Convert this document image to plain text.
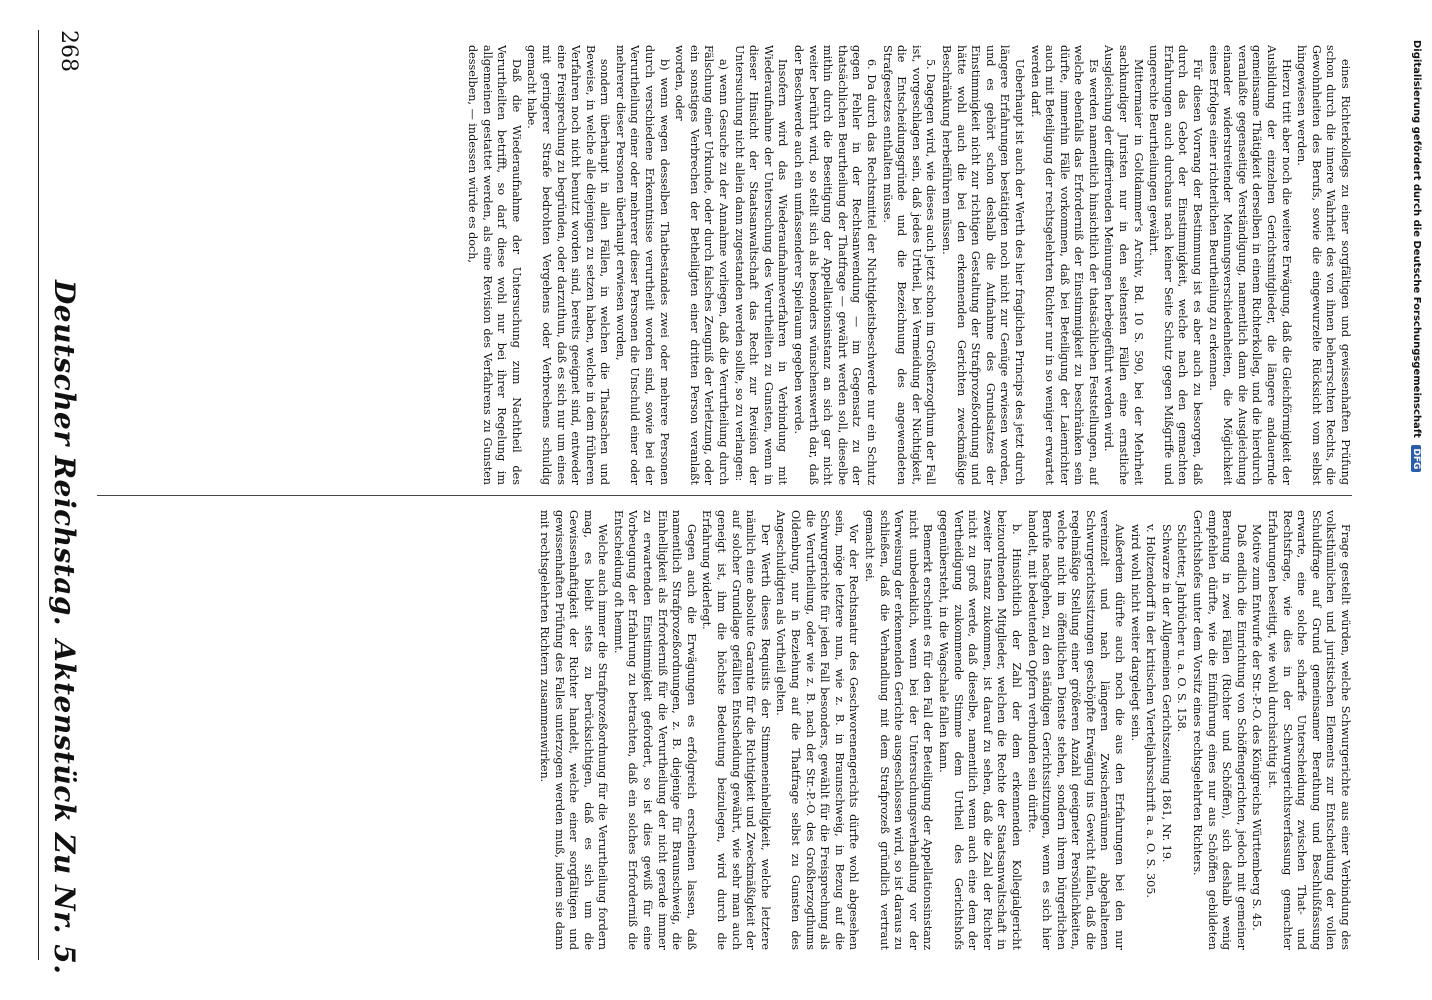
268
Deutscher Reichstag.
Aktenstück Zu Nr. 5.	Frage gestellt würden, welche Schwurgerichte aus einer Verbindung des volksthümlichen und juristischen Elements zur Entscheidung der vollen Schuldfrage auf Grund gemeinsamer Berathung und Beschlußfassung erwarte, eine solche scharfe Unterscheidung zwischen That- und Rechtsfrage, wie dies in der Schwurgerichtsverfassung gemachter Erfahrungen beseitigt, wie wohl durchsichtig ist.

Motive zum Entwurfe der Str.-P.-O. des Königreichs Württemberg S. 45.

Daß endlich die Einrichtung von Schöffengerichten, jedoch mit gemeiner Beratung in zwei Fällen (Richter und Schöffen), sich deshalb wenig empfehlen dürfte, wie die Einführung eines nur aus Schöffen gebildeten Gerichtshofes unter dem Vorsitz eines rechtsgelehrten Richters.

Schletter, Jahrbücher u. a. O. S. 158.

Schwarze in der Allgemeinen Gerichtszeitung 1861, Nr. 19.

v. Holtzendorff in der kritischen Vierteljahrsschrift a. a. O. S. 305.

wird wohl nicht weiter dargelegt sein.

Außerdem dürfte auch noch die aus den Erfahrungen bei den nur vereinzelt und nach längeren Zwischenräumen abgehaltenen Schwurgerichtssitzungen geschöpfte Erwägung ins Gewicht fallen, daß die regelmäßige Stellung einer größeren Anzahl geeigneter Persönlichkeiten, welche nicht im öffentlichen Dienste stehen, sondern ihrem bürgerlichen Berufe nachgehen, zu den ständigen Gerichtssitzungen, wenn es sich hier handelt, mit bedeutenden Opfern verbunden sein dürfte.

b. Hinsichtlich der Zahl der dem erkennenden Kollegialgericht beizuordnenden Mitglieder, welchen die Rechte der Staatsanwaltschaft in zweiter Instanz zukommen, ist darauf zu sehen, daß die Zahl der Richter nicht zu groß werde, daß dieselbe, namentlich wenn auch eine dem der Vertheidigung zukommende Stimme dem Urtheil des Gerichtshofs gegenübersteht, in die Wagschale fallen kann.

Bemerkt erscheint es für den Fall der Beteiligung der Appellationsinstanz nicht unbedenklich, wenn bei der Untersuchungsverhandlung vor der Verweisung der erkennenden Gerichte ausgeschlossen wird, so ist daraus zu schließen, daß die Verhandlung mit dem Strafprozeß gründlich vertraut gemacht sei.

Vor der Rechtsnatur des Geschworenengerichts dürfte wohl abgesehen sein, möge letztere nun, wie z. B. in Braunschweig, in Bezug auf die Schwurgerichte für jeden Fall besonders, gewählt für die Freisprechung als die Verurtheilung, oder wie z. B. nach der Str.-P.-O. des Großherzogthums Oldenburg, nur in Beziehung auf die Thatfrage selbst zu Gunsten des Angeschuldigten als Vortheil gelten.

Der Werth dieses Requisits der Stimmeneinhelligkeit, welche letztere nämlich eine absolute Garantie für die Richtigkeit und Zweckmäßigkeit der auf solcher Grundlage gefällten Entscheidung gewährt, wie sehr man auch geneigt ist, ihm die höchste Bedeutung beizulegen, wird durch die Erfahrung widerlegt.

Gegen auch die Erwägungen es erfolgreich erscheinen lassen, daß namentlich Strafprozeßordnungen, z. B. diejenige für Braunschweig, die Einhelligkeit als Erforderniß für die Verurtheilung der nicht gerade immer zu erwartenden Einstimmigkeit gefordert, so ist dies gewiß für eine Vorbeugung der Erfahrung zu betrachten, daß ein solches Erforderniß die Entscheidung oft hemmt.

Welche auch immer die Strafprozeßordnung für die Verurtheilung fordern mag, es bleibt stets zu berücksichtigen, daß es sich um die Gewissenhaftigkeit der Richter handelt, welche einer sorgfältigen und gewissenhaften Prüfung des Falles unterzogen werden muß, indem sie dann mit rechtsgelehrten Richtern zusammenwirken.

eines Richterkollegs zu einer sorgfältigen und gewissenhaften Prüfung schon durch die innere Wahrheit des von ihnen beherrschten Rechts, die Gewohnheiten des Berufs, sowie die eingewurzelte Rücksicht vom selbst hingewiesen werden.

Hierzu tritt aber noch die weitere Erwägung, daß die Gleichförmigkeit der Ausbildung der einzelnen Gerichtsmitglieder, die längere andauernde gemeinsame Thätigkeit derselben in einem Richterkolleg, und die hierdurch veranlaßte gegenseitige Verständigung, namentlich dann die Ausgleichung einander widerstreitender Meinungsverschiedenheiten, die Möglichkeit eines Erfolges einer richterlichen Beurtheilung zu erkennen.

Für diesen Vorrang der Bestimmung ist es aber auch zu besorgen, daß durch das Gebot der Einstimmigkeit, welche nach den gemachten Erfahrungen auch durchaus nach keiner Seite Schutz gegen Mißgriffe und ungerechte Beurtheilungen gewährt.

Mittermaier in Goltdammer's Archiv, Bd. 10 S. 590, bei der Mehrheit sachkundiger Juristen nur in den seltensten Fällen eine ernstliche Ausgleichung der differirenden Meinungen herbeigeführt werden wird.

Es werden namentlich hinsichtlich der thatsächlichen Feststellungen, auf welche ebenfalls das Erforderniß der Einstimmigkeit zu beschränken sein dürfte, immerhin Fälle vorkommen, daß bei Beteiligung der Laienrichter auch mit Beteiligung der rechtsgelehrten Richter nur in so weniger erwartet werden darf.

Ueberhaupt ist auch der Werth des hier fraglichen Princips des jetzt durch längere Erfahrungen bestätigten noch nicht zur Genüge erwiesen worden, und es gehört schon deshalb die Aufnahme des Grundsatzes der Einstimmigkeit nicht zur richtigen Gestaltung der Strafprozeßordnung und hätte wohl auch die bei den erkennenden Gerichten zweckmäßige Beschränkung herbeiführen müssen.

5. Dagegen wird, wie dieses auch jetzt schon im Großherzogthum der Fall ist, vorgeschlagen sein, daß jedes Urtheil, bei Vermeidung der Nichtigkeit, die Entscheidungsgründe und die Bezeichnung des angewendeten Strafgesetzes enthalten müsse.

6. Da durch das Rechtsmittel der Nichtigkeitsbeschwerde nur ein Schutz gegen Fehler in der Rechtsanwendung — im Gegensatz zu der thatsächlichen Beurtheilung der Thatfrage — gewährt werden soll, dieselbe mithin durch die Beseitigung der Appellationsinstanz an sich gar nicht weiter berührt wird, so stellt sich als besonders wünschenswerth dar, daß der Beschwerde auch ein umfassenderer Spielraum gegeben werde.

Insofern wird das Wiederaufnahmeverfahren in Verbindung mit Wiederaufnahme der Untersuchung des Verurtheilten zu Gunsten, wenn in dieser Hinsicht der Staatsanwaltschaft das Recht zur Revision der Untersuchung nicht allein dann zugestanden werden sollte, so zu verlangen:

a) wenn Gesuche zu der Annahme vorliegen, daß die Verurtheilung durch Fälschung einer Urkunde, oder durch falsches Zeugniß der Verletzung, oder ein sonstiges Verbrechen der Betheiligten einer dritten Person veranlaßt worden, oder

b) wenn wegen desselben Thatbestandes zwei oder mehrere Personen durch verschiedene Erkenntnisse verurtheilt worden sind, sowie bei der Verurtheilung einer oder mehrerer dieser Personen die Unschuld einer oder mehrerer dieser Personen überhaupt erwiesen worden,

sondern überhaupt in allen Fällen, in welchen die Thatsachen und Beweise, in welche alle diejenigen zu setzen haben, welche in dem früheren Verfahren noch nicht benutzt worden sind, bereits geeignet sind, entweder eine Freisprechung zu begründen, oder darzuthun, daß es sich nur um eines mit geringerer Strafe bedrohten Vergehens oder Verbrechens schuldig gemacht habe.

Daß die Wiederaufnahme der Untersuchung zum Nachtheil des Verurtheilten betrifft, so darf diese wohl nur bei ihrer Regelung im allgemeinen gestattet werden, als eine Revision des Verfahrens zu Gunsten desselben, — indessen würde es doch,	Digitalisierung gefördert durch die Deutsche Forschungsgemeinschaft DFG
